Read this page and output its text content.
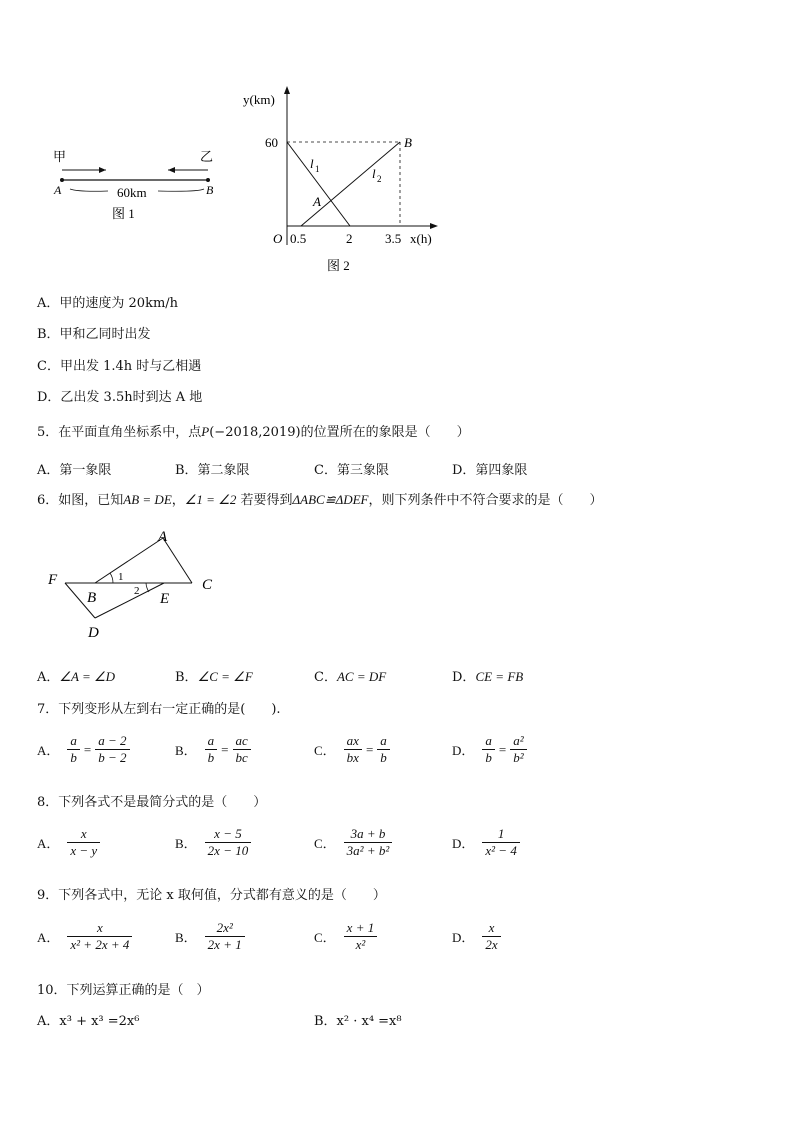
甲	乙
A	B
60km
图 1
y(km)
60
l 1	l 2
A
B
O 0.5	2	3.5 x(h)
图 2
A．甲的速度为 20km/h
B．甲和乙同时出发
C．甲出发 1.4h 时与乙相遇
D．乙出发 3.5h时到达 A 地
5．在平面直角坐标系中，点P(−2018,2019)的位置所在的象限是（　　）
A．第一象限	B．第二象限	C．第三象限	D．第四象限
6．如图，已知AB = DE，∠1 = ∠2 若要得到ΔABC≌ΔDEF，则下列条件中不符合要求的是（　　）
A
F	C
B	E
D
1
2
A．∠A = ∠D	B．∠C = ∠F	C．AC = DF	D．CE = FB
7．下列变形从左到右一定正确的是(　　).
A． $\frac{a}{b} = \frac{a - 2}{b - 2}$	B． $\frac{a}{b} = \frac{ac}{bc}$	C． $\frac{ax}{bx} = \frac{a}{b}$	D． $\frac{a}{b} = \frac{\text{a²}}{\text{b²}}$
8．下列各式不是最简分式的是（　　）
A． $\frac{x}{x - y}$	B． $\frac{x - 5}{2x - 10}$	C． $\frac{3a + b}{\text{3a² + b²}}$	D． $\frac{1}{\text{x² − 4}}$
9．下列各式中，无论 x 取何值，分式都有意义的是（　　）
A． $\frac{x}{\text{x² + 2x + 4}}$	B． $\frac{\text{2x²}}{2x + 1}$	C． $\frac{x + 1}{\text{x²}}$	D． $\frac{x}{2x}$
10．下列运算正确的是（　）
A．x³ + x³ =2x⁶	B．x² · x⁴ =x⁸
